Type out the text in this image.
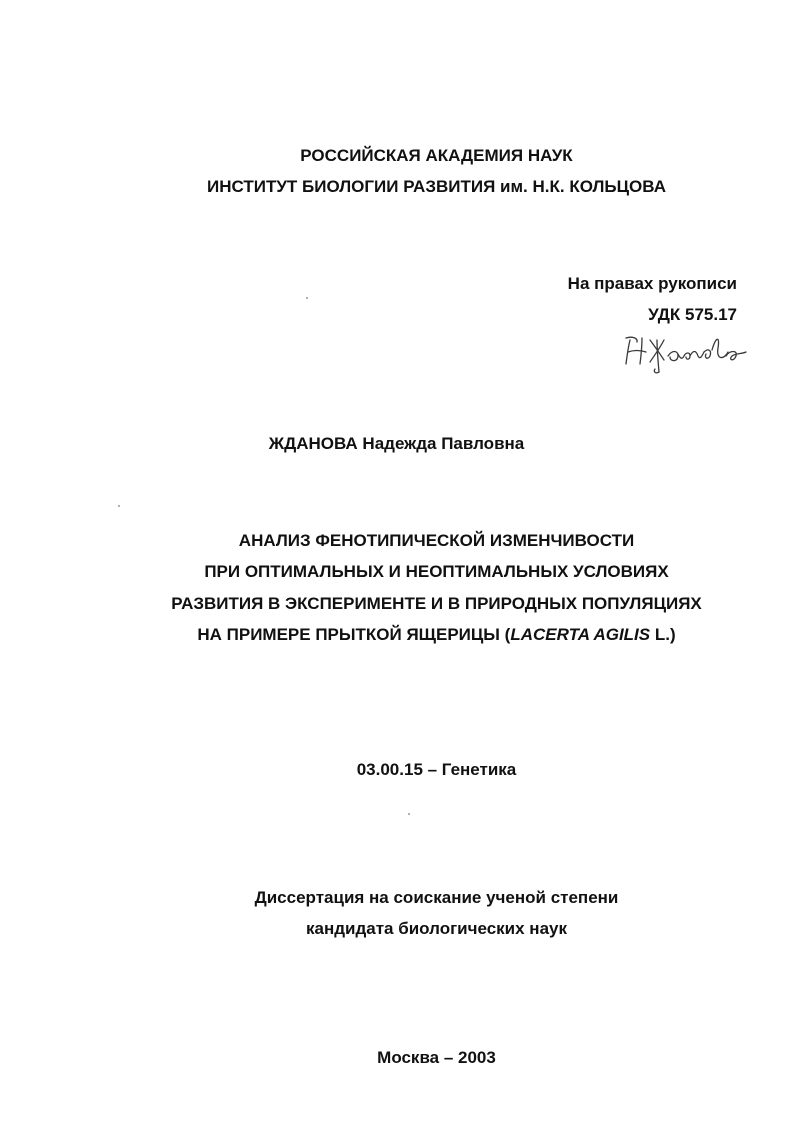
РОССИЙСКАЯ АКАДЕМИЯ НАУК
ИНСТИТУТ БИОЛОГИИ РАЗВИТИЯ им. Н.К. КОЛЬЦОВА
На правах рукописи
УДК 575.17
ЖДАНОВА Надежда Павловна
АНАЛИЗ ФЕНОТИПИЧЕСКОЙ ИЗМЕНЧИВОСТИ
ПРИ ОПТИМАЛЬНЫХ И НЕОПТИМАЛЬНЫХ УСЛОВИЯХ
РАЗВИТИЯ В ЭКСПЕРИМЕНТЕ И В ПРИРОДНЫХ ПОПУЛЯЦИЯХ
НА ПРИМЕРЕ ПРЫТКОЙ ЯЩЕРИЦЫ (LACERTA AGILIS L.)
03.00.15 – Генетика
Диссертация на соискание ученой степени
кандидата биологических наук
Москва – 2003
